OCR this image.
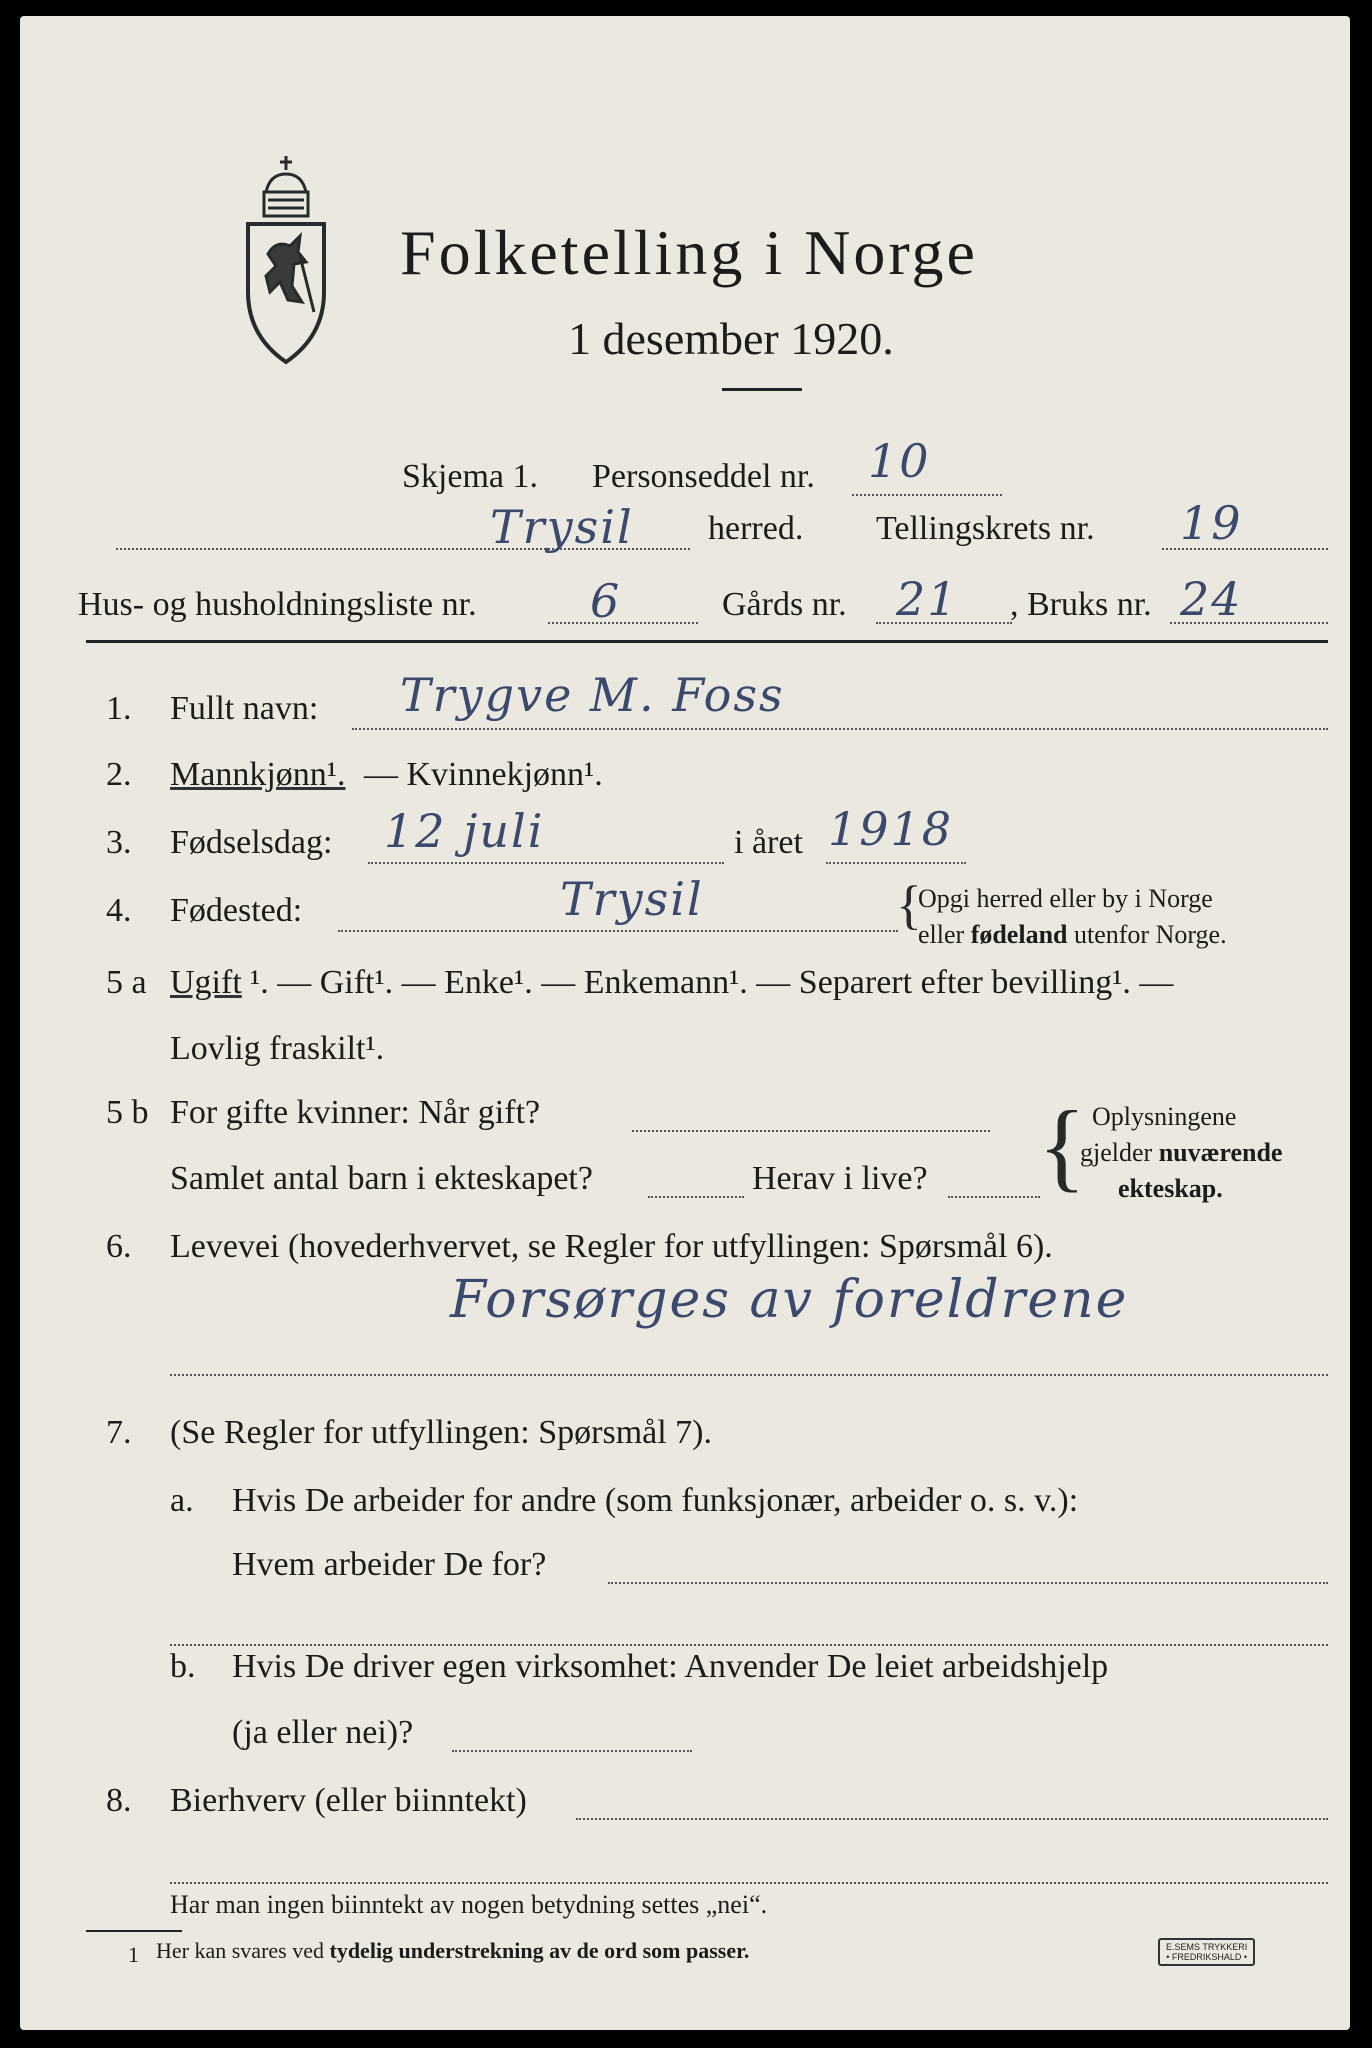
Folketelling i Norge
1 desember 1920.
Skjema 1. Personseddel nr. 10
Trysil herred. Tellingskrets nr. 19
Hus- og husholdningsliste nr. 6	Gårds nr. 21 , Bruks nr. 24
1. Fullt navn: Trygve M. Foss
2. Mannkjønn¹. — Kvinnekjønn¹.
3. Fødselsdag: 12 juli	i året 1918
4. Fødested:	Trysil	{
Opgi herred eller by i Norge
eller fødeland utenfor Norge.
5 a Ugift ¹. — Gift¹. — Enke¹. — Enkemann¹. — Separert efter bevilling¹. —
Lovlig fraskilt¹.
5 b For gifte kvinner: Når gift?
Samlet antal barn i ekteskapet?	Herav i live? { Oplysningene
gjelder nuværende
ekteskap.
6. Levevei (hovederhvervet, se Regler for utfyllingen: Spørsmål 6).
Forsørges av foreldrene
7. (Se Regler for utfyllingen: Spørsmål 7).
a. Hvis De arbeider for andre (som funksjonær, arbeider o. s. v.):
Hvem arbeider De for?
b. Hvis De driver egen virksomhet: Anvender De leiet arbeidshjelp
(ja eller nei)?
8. Bierhverv (eller biinntekt)
Har man ingen biinntekt av nogen betydning settes „nei“.
1 Her kan svares ved tydelig understrekning av de ord som passer.	E.SEMS TRYKKERI
• FREDRIKSHALD •
